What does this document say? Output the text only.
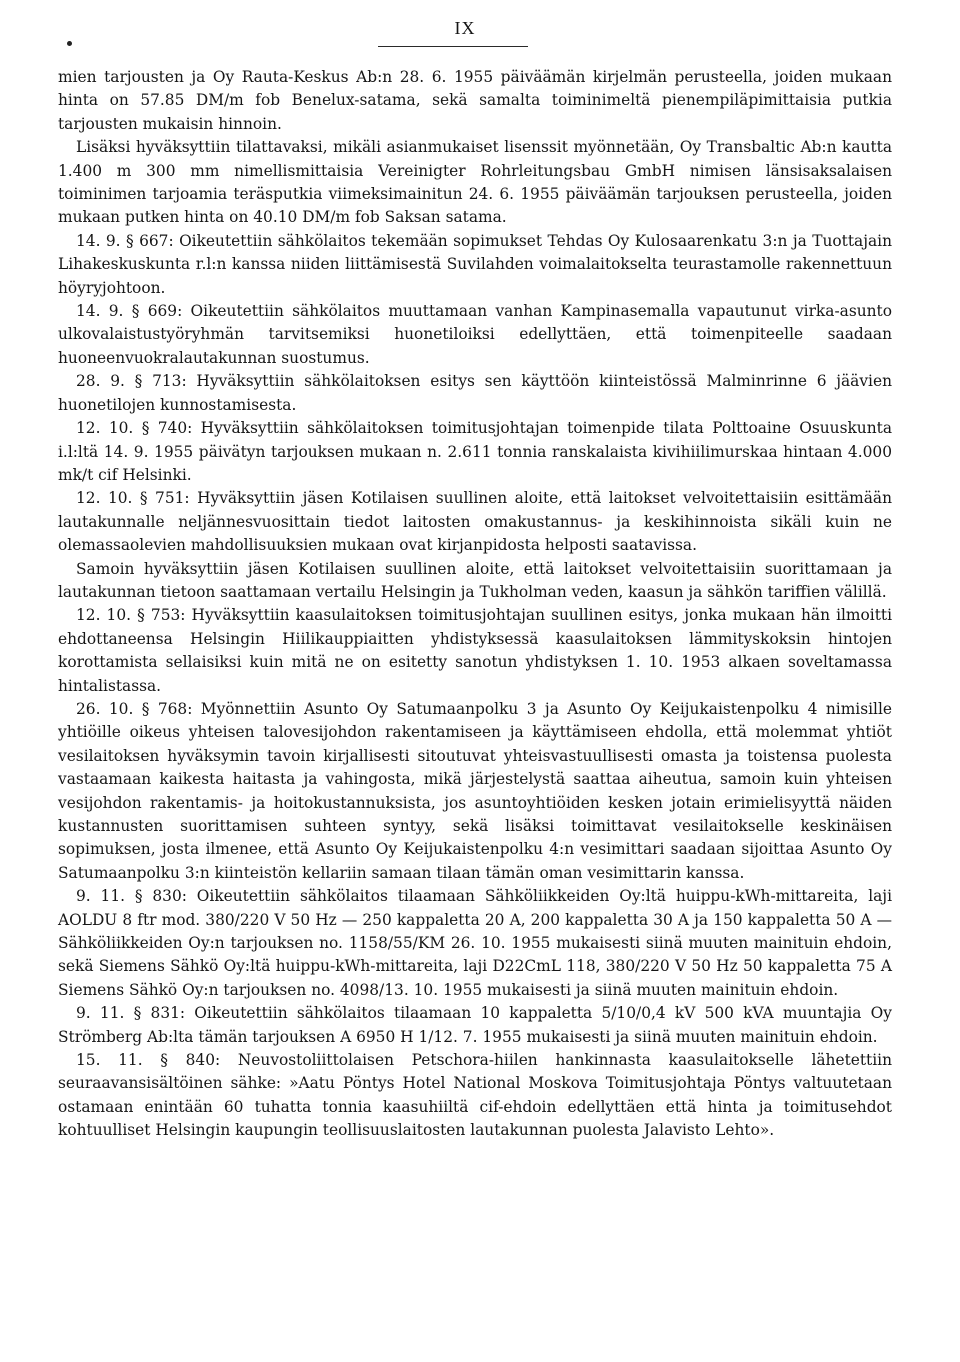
IX

mien tarjousten ja Oy Rauta-Keskus Ab:n 28. 6. 1955 päiväämän kirjelmän perusteella, joiden mukaan hinta on 57.85 DM/m fob Benelux-satama, sekä samalta toiminimeltä pienempiläpimittaisia putkia tarjousten mukaisin hinnoin.

Lisäksi hyväksyttiin tilattavaksi, mikäli asianmukaiset lisenssit myönnetään, Oy Transbaltic Ab:n kautta 1.400 m 300 mm nimellismittaisia Vereinigter Rohrleitungsbau GmbH nimisen länsisaksalaisen toiminimen tarjoamia teräsputkia viimeksimainitun 24. 6. 1955 päiväämän tarjouksen perusteella, joiden mukaan putken hinta on 40.10 DM/m fob Saksan satama.

14. 9. § 667: Oikeutettiin sähkölaitos tekemään sopimukset Tehdas Oy Kulosaarenkatu 3:n ja Tuottajain Lihakeskuskunta r.l:n kanssa niiden liittämisestä Suvilahden voimalaitokselta teurastamolle rakennettuun höyryjohtoon.

14. 9. § 669: Oikeutettiin sähkölaitos muuttamaan vanhan Kampinasemalla vapautunut virka-asunto ulkovalaistustyöryhmän tarvitsemiksi huonetiloiksi edellyttäen, että toimenpiteelle saadaan huoneenvuokralautakunnan suostumus.

28. 9. § 713: Hyväksyttiin sähkölaitoksen esitys sen käyttöön kiinteistössä Malminrinne 6 jäävien huonetilojen kunnostamisesta.

12. 10. § 740: Hyväksyttiin sähkölaitoksen toimitusjohtajan toimenpide tilata Polttoaine Osuuskunta i.l:ltä 14. 9. 1955 päivätyn tarjouksen mukaan n. 2.611 tonnia ranskalaista kivihiilimurskaa hintaan 4.000 mk/t cif Helsinki.

12. 10. § 751: Hyväksyttiin jäsen Kotilaisen suullinen aloite, että laitokset velvoitettaisiin esittämään lautakunnalle neljännesvuosittain tiedot laitosten omakustannus- ja keskihinnoista sikäli kuin ne olemassaolevien mahdollisuuksien mukaan ovat kirjanpidosta helposti saatavissa.

Samoin hyväksyttiin jäsen Kotilaisen suullinen aloite, että laitokset velvoitettaisiin suorittamaan ja lautakunnan tietoon saattamaan vertailu Helsingin ja Tukholman veden, kaasun ja sähkön tariffien välillä.

12. 10. § 753: Hyväksyttiin kaasulaitoksen toimitusjohtajan suullinen esitys, jonka mukaan hän ilmoitti ehdottaneensa Helsingin Hiilikauppiaitten yhdistyksessä kaasulaitoksen lämmityskoksin hintojen korottamista sellaisiksi kuin mitä ne on esitetty sanotun yhdistyksen 1. 10. 1953 alkaen soveltamassa hintalistassa.

26. 10. § 768: Myönnettiin Asunto Oy Satumaanpolku 3 ja Asunto Oy Keijukaistenpolku 4 nimisille yhtiöille oikeus yhteisen talovesijohdon rakentamiseen ja käyttämiseen ehdolla, että molemmat yhtiöt vesilaitoksen hyväksymin tavoin kirjallisesti sitoutuvat yhteisvastuullisesti omasta ja toistensa puolesta vastaamaan kaikesta haitasta ja vahingosta, mikä järjestelystä saattaa aiheutua, samoin kuin yhteisen vesijohdon rakentamis- ja hoitokustannuksista, jos asuntoyhtiöiden kesken jotain erimielisyyttä näiden kustannusten suorittamisen suhteen syntyy, sekä lisäksi toimittavat vesilaitokselle keskinäisen sopimuksen, josta ilmenee, että Asunto Oy Keijukaistenpolku 4:n vesimittari saadaan sijoittaa Asunto Oy Satumaanpolku 3:n kiinteistön kellariin samaan tilaan tämän oman vesimittarin kanssa.

9. 11. § 830: Oikeutettiin sähkölaitos tilaamaan Sähköliikkeiden Oy:ltä huippu-kWh-mittareita, laji AOLDU 8 ftr mod. 380/220 V 50 Hz — 250 kappaletta 20 A, 200 kappaletta 30 A ja 150 kappaletta 50 A — Sähköliikkeiden Oy:n tarjouksen no. 1158/55/KM 26. 10. 1955 mukaisesti siinä muuten mainituin ehdoin, sekä Siemens Sähkö Oy:ltä huippu-kWh-mittareita, laji D22CmL 118, 380/220 V 50 Hz 50 kappaletta 75 A Siemens Sähkö Oy:n tarjouksen no. 4098/13. 10. 1955 mukaisesti ja siinä muuten mainituin ehdoin.

9. 11. § 831: Oikeutettiin sähkölaitos tilaamaan 10 kappaletta 5/10/0,4 kV 500 kVA muuntajia Oy Strömberg Ab:lta tämän tarjouksen A 6950 H 1/12. 7. 1955 mukaisesti ja siinä muuten mainituin ehdoin.

15. 11. § 840: Neuvostoliittolaisen Petschora-hiilen hankinnasta kaasulaitokselle lähetettiin seuraavansisältöinen sähke: »Aatu Pöntys Hotel National Moskova Toimitusjohtaja Pöntys valtuutetaan ostamaan enintään 60 tuhatta tonnia kaasuhiiltä cif-ehdoin edellyttäen että hinta ja toimitusehdot kohtuulliset Helsingin kaupungin teollisuuslaitosten lautakunnan puolesta Jalavisto Lehto».
